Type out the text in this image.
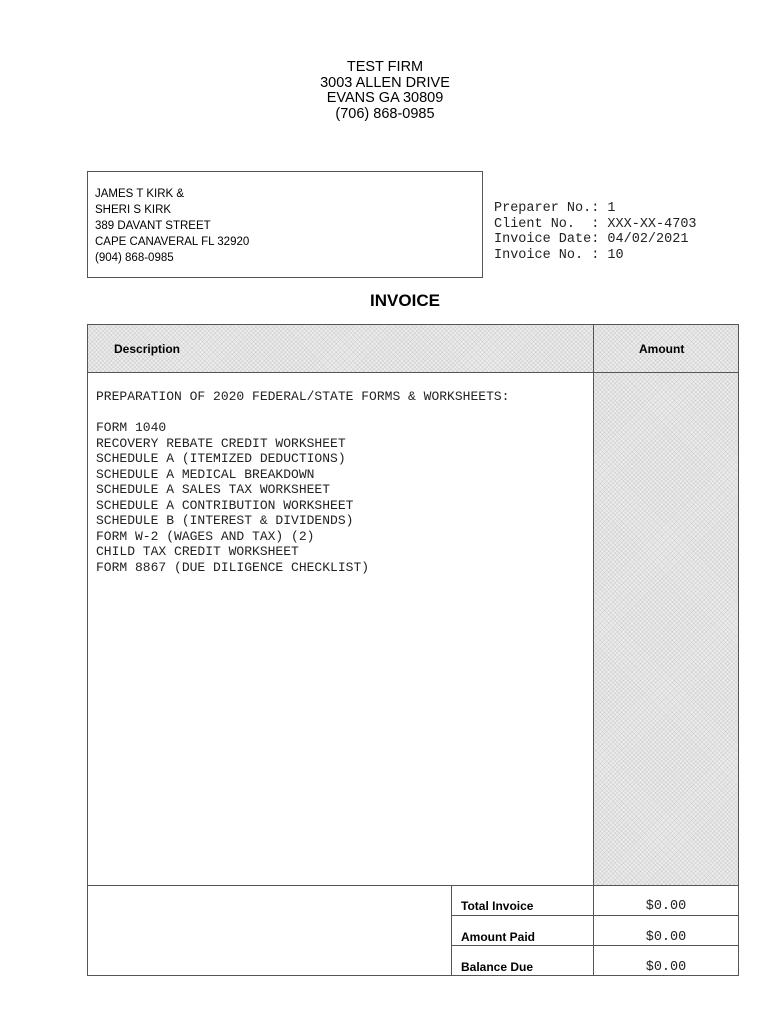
TEST FIRM
3003 ALLEN DRIVE
EVANS GA 30809
(706) 868-0985
JAMES T KIRK &
SHERI S KIRK
389 DAVANT STREET
CAPE CANAVERAL FL 32920
(904) 868-0985
Preparer No.: 1
Client No.  : XXX-XX-4703
Invoice Date: 04/02/2021
Invoice No. : 10
INVOICE
Description	Amount
PREPARATION OF 2020 FEDERAL/STATE FORMS & WORKSHEETS:
FORM 1040
RECOVERY REBATE CREDIT WORKSHEET
SCHEDULE A (ITEMIZED DEDUCTIONS)
SCHEDULE A MEDICAL BREAKDOWN
SCHEDULE A SALES TAX WORKSHEET
SCHEDULE A CONTRIBUTION WORKSHEET
SCHEDULE B (INTEREST & DIVIDENDS)
FORM W-2 (WAGES AND TAX) (2)
CHILD TAX CREDIT WORKSHEET
FORM 8867 (DUE DILIGENCE CHECKLIST)
Total Invoice	$0.00
Amount Paid	$0.00
Balance Due	$0.00
